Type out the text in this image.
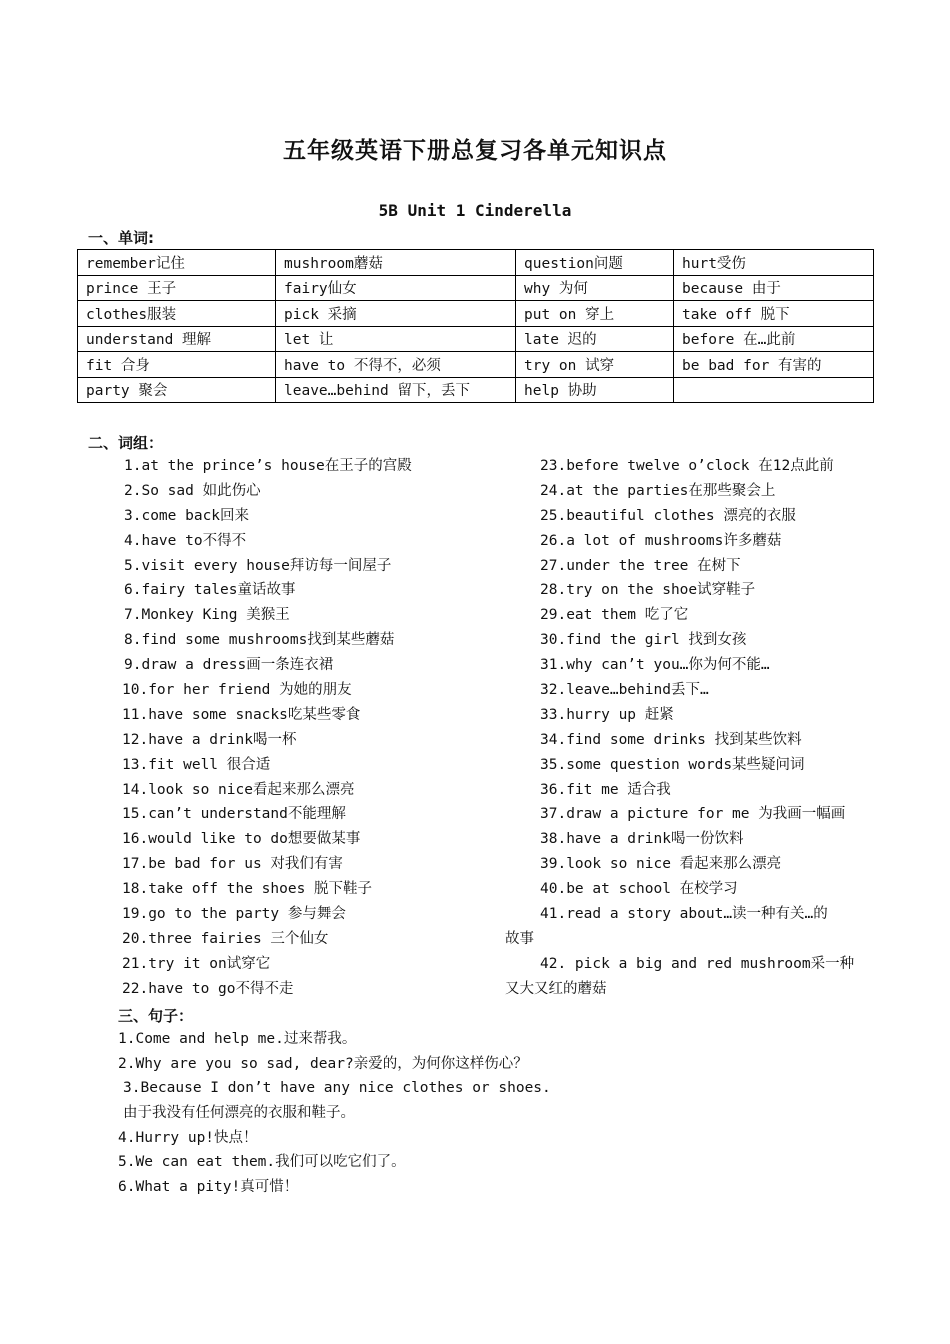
五年级英语下册总复习各单元知识点
5B Unit 1 Cinderella
一、单词:
remember记住	mushroom蘑菇	question问题	hurt受伤
prince 王子	fairy仙女	why 为何	because 由于
clothes服装	pick 采摘	put on 穿上	take off 脱下
understand 理解	let 让	late 迟的	before 在…此前
fit 合身	have to 不得不，必须	try on 试穿	be bad for 有害的
party 聚会	leave…behind 留下，丢下	help 协助	
二、词组：
1.at the prince’s house在王子的宫殿
2.So sad 如此伤心
3.come back回来
4.have to不得不
5.visit every house拜访每一间屋子
6.fairy tales童话故事
7.Monkey King 美猴王
8.find some mushrooms找到某些蘑菇
9.draw a dress画一条连衣裙
10.for her friend 为她的朋友
11.have some snacks吃某些零食
12.have a drink喝一杯
13.fit well 很合适
14.look so nice看起来那么漂亮
15.can’t understand不能理解
16.would like to do想要做某事
17.be bad for us 对我们有害
18.take off the shoes 脱下鞋子
19.go to the party 参与舞会
20.three fairies 三个仙女
21.try it on试穿它
22.have to go不得不走
23.before twelve o’clock 在12点此前
24.at the parties在那些聚会上
25.beautiful clothes 漂亮的衣服
26.a lot of mushrooms许多蘑菇
27.under the tree 在树下
28.try on the shoe试穿鞋子
29.eat them 吃了它
30.find the girl 找到女孩
31.why can’t you…你为何不能…
32.leave…behind丢下…
33.hurry up 赶紧
34.find some drinks 找到某些饮料
35.some question words某些疑问词
36.fit me 适合我
37.draw a picture for me 为我画一幅画
38.have a drink喝一份饮料
39.look so nice 看起来那么漂亮
40.be at school 在校学习
41.read a story about…读一种有关…的
故事
42. pick a big and red mushroom采一种
又大又红的蘑菇
三、句子：
1.Come and help me.过来帮我。
2.Why are you so sad, dear?亲爱的，为何你这样伤心？
3.Because I don’t have any nice clothes or shoes.
由于我没有任何漂亮的衣服和鞋子。
4.Hurry up!快点！
5.We can eat them.我们可以吃它们了。
6.What a pity!真可惜！
